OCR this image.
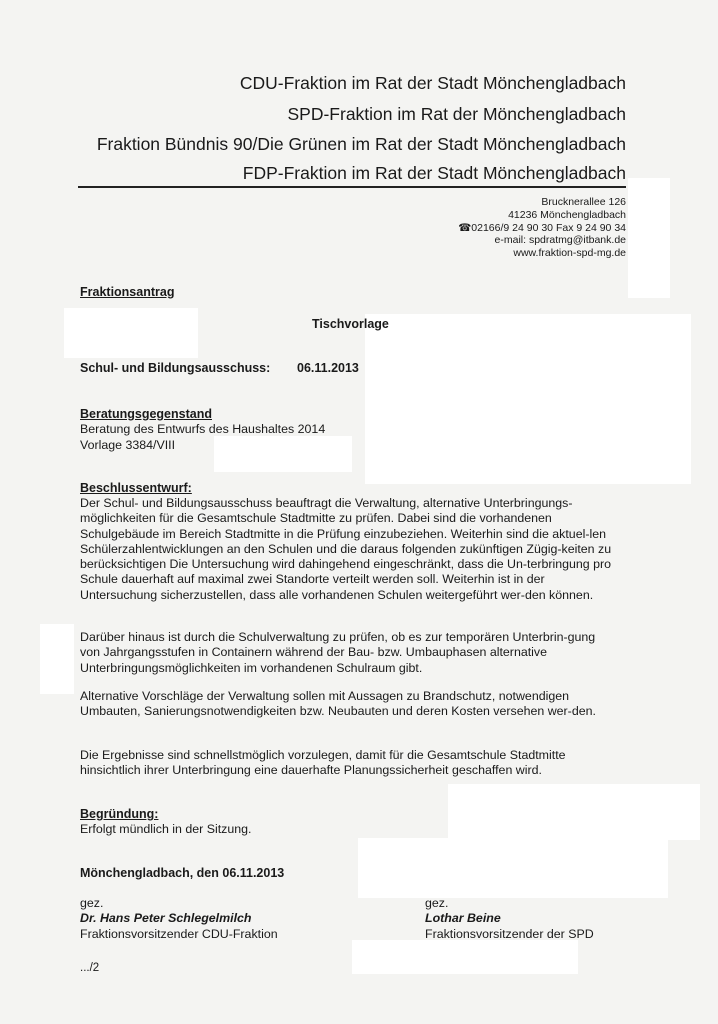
CDU-Fraktion im Rat der Stadt Mönchengladbach
SPD-Fraktion im Rat der Mönchengladbach
Fraktion Bündnis 90/Die Grünen im Rat der Stadt Mönchengladbach
FDP-Fraktion im Rat der Stadt Mönchengladbach
Brucknerallee 126
41236 Mönchengladbach
☎02166/9 24 90 30 Fax 9 24 90 34
e-mail: spdratmg@itbank.de
www.fraktion-spd-mg.de
Fraktionsantrag
Tischvorlage
Schul- und Bildungsausschuss: 06.11.2013
Beratungsgegenstand
Beratung des Entwurfs des Haushaltes 2014
Vorlage 3384/VIII
Beschlussentwurf:

Der Schul- und Bildungsausschuss beauftragt die Verwaltung, alternative Unterbringungs-möglichkeiten für die Gesamtschule Stadtmitte zu prüfen. Dabei sind die vorhandenen Schulgebäude im Bereich Stadtmitte in die Prüfung einzubeziehen. Weiterhin sind die aktuel-len Schülerzahlentwicklungen an den Schulen und die daraus folgenden zukünftigen Zügig-keiten zu berücksichtigen Die Untersuchung wird dahingehend eingeschränkt, dass die Un-terbringung pro Schule dauerhaft auf maximal zwei Standorte verteilt werden soll. Weiterhin ist in der Untersuchung sicherzustellen, dass alle vorhandenen Schulen weitergeführt wer-den können.

Darüber hinaus ist durch die Schulverwaltung zu prüfen, ob es zur temporären Unterbrin-gung von Jahrgangsstufen in Containern während der Bau- bzw. Umbauphasen alternative Unterbringungsmöglichkeiten im vorhandenen Schulraum gibt.

Alternative Vorschläge der Verwaltung sollen mit Aussagen zu Brandschutz, notwendigen Umbauten, Sanierungsnotwendigkeiten bzw. Neubauten und deren Kosten versehen wer-den.

Die Ergebnisse sind schnellstmöglich vorzulegen, damit für die Gesamtschule Stadtmitte hinsichtlich ihrer Unterbringung eine dauerhafte Planungssicherheit geschaffen wird.

Begründung:
Erfolgt mündlich in der Sitzung.
Mönchengladbach, den 06.11.2013
gez.
Dr. Hans Peter Schlegelmilch
Fraktionsvorsitzender CDU-Fraktion
gez.
Lothar Beine
Fraktionsvorsitzender der SPD
.../2
